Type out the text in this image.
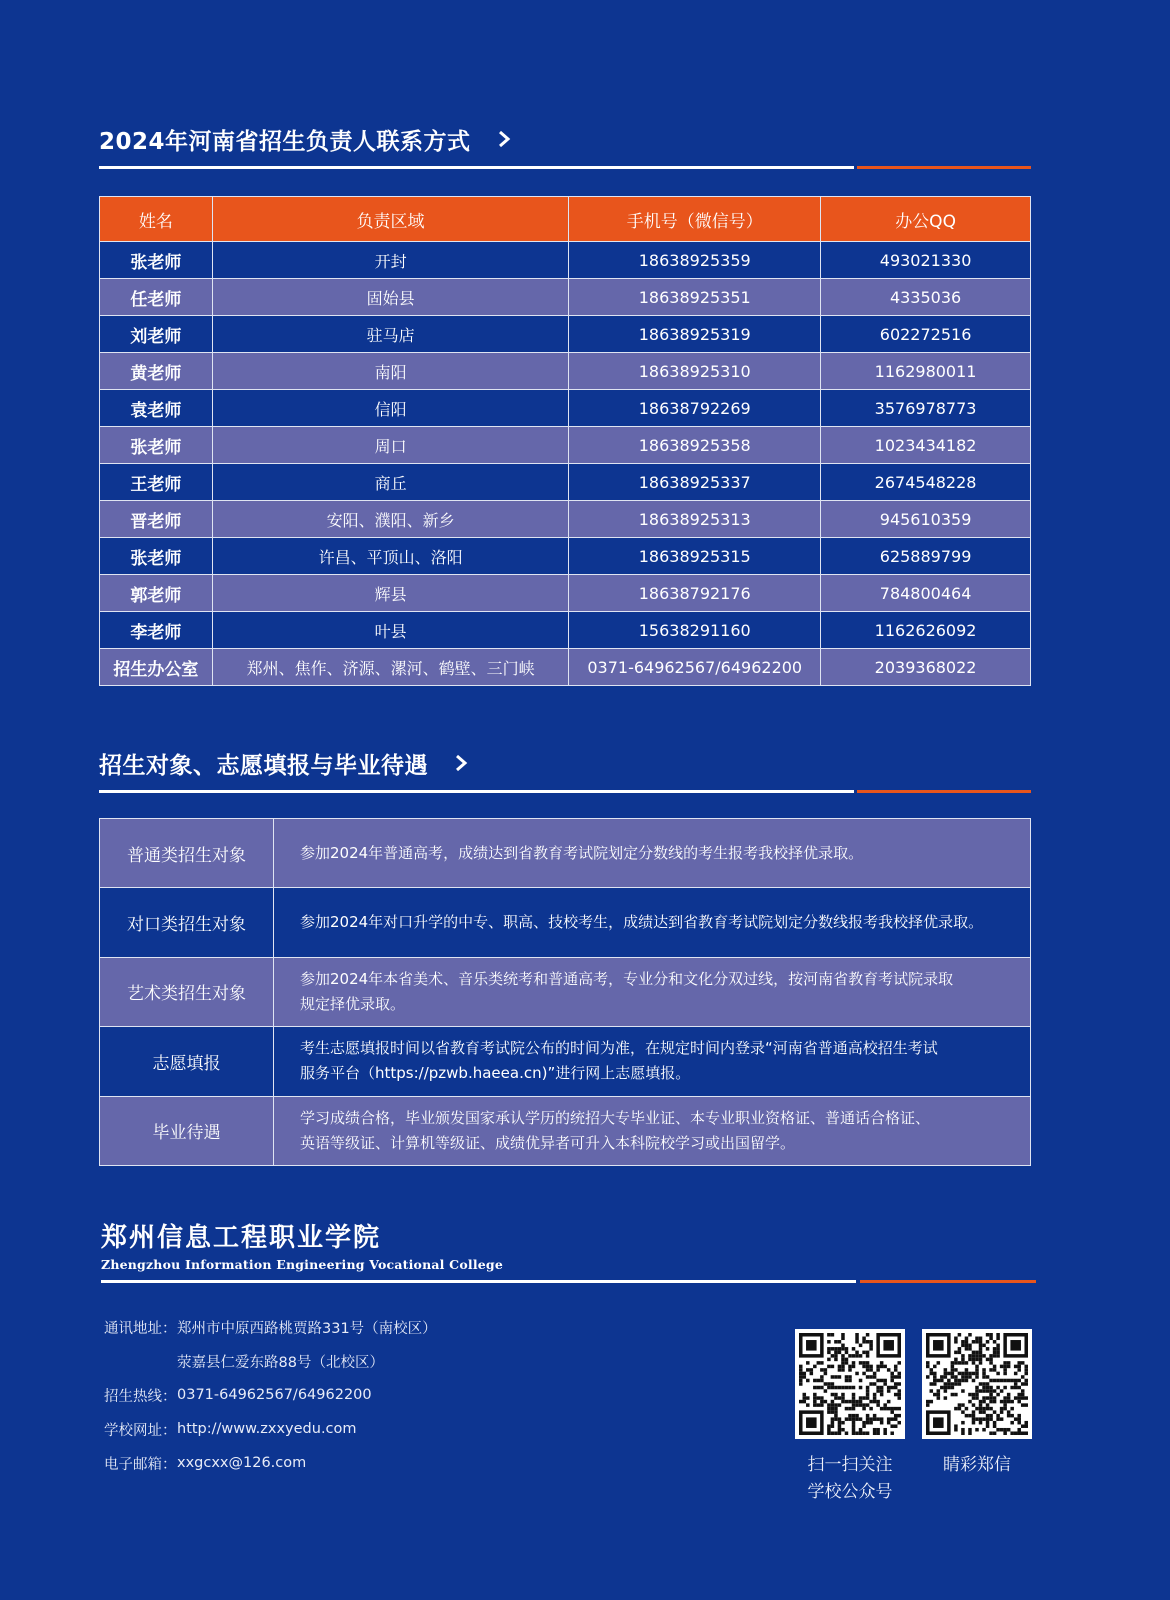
2024年河南省招生负责人联系方式
姓名	负责区域	手机号（微信号）	办公QQ
张老师	开封	18638925359	493021330
任老师	固始县	18638925351	4335036
刘老师	驻马店	18638925319	602272516
黄老师	南阳	18638925310	1162980011
袁老师	信阳	18638792269	3576978773
张老师	周口	18638925358	1023434182
王老师	商丘	18638925337	2674548228
晋老师	安阳、濮阳、新乡	18638925313	945610359
张老师	许昌、平顶山、洛阳	18638925315	625889799
郭老师	辉县	18638792176	784800464
李老师	叶县	15638291160	1162626092
招生办公室	郑州、焦作、济源、漯河、鹤壁、三门峡	0371-64962567/64962200	2039368022
招生对象、志愿填报与毕业待遇
普通类招生对象	参加2024年普通高考，成绩达到省教育考试院划定分数线的考生报考我校择优录取。

对口类招生对象	参加2024年对口升学的中专、职高、技校考生，成绩达到省教育考试院划定分数线报考我校择优录取。

艺术类招生对象	参加2024年本省美术、音乐类统考和普通高考，专业分和文化分双过线，按河南省教育考试院录取
规定择优录取。

志愿填报	考生志愿填报时间以省教育考试院公布的时间为准，在规定时间内登录“河南省普通高校招生考试
服务平台（https://pzwb.haeea.cn)”进行网上志愿填报。

毕业待遇	学习成绩合格，毕业颁发国家承认学历的统招大专毕业证、本专业职业资格证、普通话合格证、
英语等级证、计算机等级证、成绩优异者可升入本科院校学习或出国留学。
郑州信息工程职业学院
Zhengzhou Information Engineering Vocational College
通讯地址： 郑州市中原西路桃贾路331号（南校区）
荥嘉县仁爱东路88号（北校区）
招生热线： 0371-64962567/64962200
学校网址： http://www.zxxyedu.com
电子邮箱： xxgcxx@126.com	扫一扫关注
学校公众号
睛彩郑信
